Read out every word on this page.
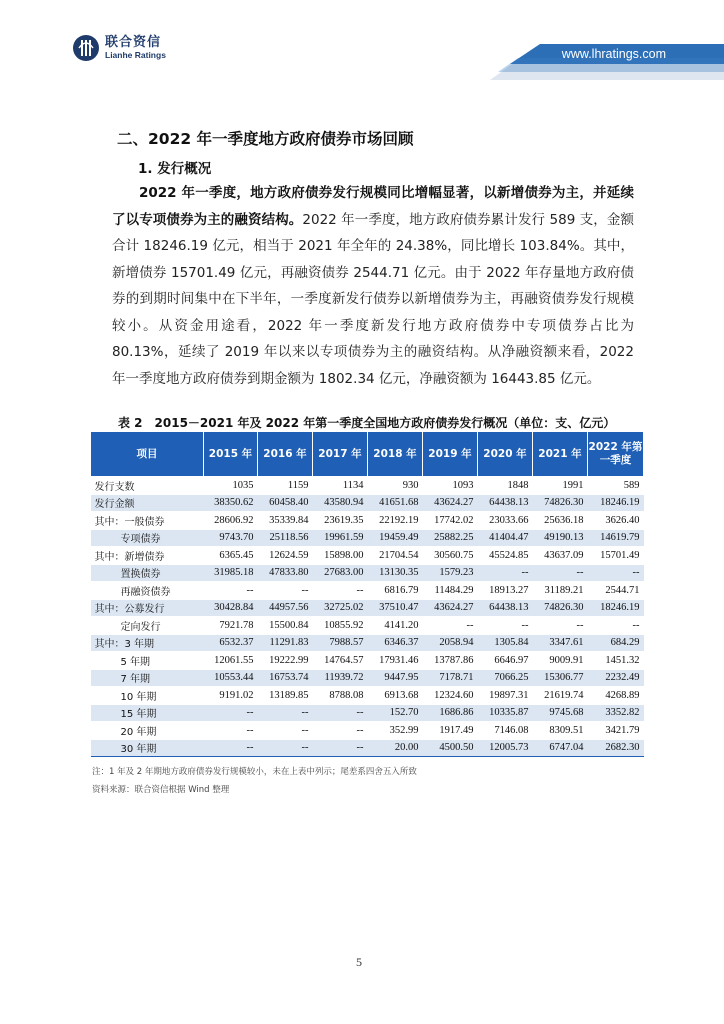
www.lhratings.com
联合资信
Lianhe Ratings
二、2022 年一季度地方政府债券市场回顾
1. 发行概况
2022 年一季度，地方政府债券发行规模同比增幅显著，以新增债券为主，并延续了以专项债券为主的融资结构。2022 年一季度，地方政府债券累计发行 589 支，金额合计 18246.19 亿元，相当于 2021 年全年的 24.38%，同比增长 103.84%。其中，新增债券 15701.49 亿元，再融资债券 2544.71 亿元。由于 2022 年存量地方政府债券的到期时间集中在下半年，一季度新发行债券以新增债券为主，再融资债券发行规模较小。从资金用途看，2022 年一季度新发行地方政府债券中专项债券占比为 80.13%，延续了 2019 年以来以专项债券为主的融资结构。从净融资额来看，2022 年一季度地方政府债券到期金额为 1802.34 亿元，净融资额为 16443.85 亿元。
表 2　2015－2021 年及 2022 年第一季度全国地方政府债券发行概况（单位：支、亿元）
项目	2015 年	2016 年	2017 年	2018 年	2019 年	2020 年	2021 年	2022 年第一季度
发行支数	1035	1159	1134	930	1093	1848	1991	589
发行金额	38350.62	60458.40	43580.94	41651.68	43624.27	64438.13	74826.30	18246.19
其中：一般债券	28606.92	35339.84	23619.35	22192.19	17742.02	23033.66	25636.18	3626.40
专项债券	9743.70	25118.56	19961.59	19459.49	25882.25	41404.47	49190.13	14619.79
其中：新增债券	6365.45	12624.59	15898.00	21704.54	30560.75	45524.85	43637.09	15701.49
置换债券	31985.18	47833.80	27683.00	13130.35	1579.23	--	--	--
再融资债券	--	--	--	6816.79	11484.29	18913.27	31189.21	2544.71
其中：公募发行	30428.84	44957.56	32725.02	37510.47	43624.27	64438.13	74826.30	18246.19
定向发行	7921.78	15500.84	10855.92	4141.20	--	--	--	--
其中：3 年期	6532.37	11291.83	7988.57	6346.37	2058.94	1305.84	3347.61	684.29
5 年期	12061.55	19222.99	14764.57	17931.46	13787.86	6646.97	9009.91	1451.32
7 年期	10553.44	16753.74	11939.72	9447.95	7178.71	7066.25	15306.77	2232.49
10 年期	9191.02	13189.85	8788.08	6913.68	12324.60	19897.31	21619.74	4268.89
15 年期	--	--	--	152.70	1686.86	10335.87	9745.68	3352.82
20 年期	--	--	--	352.99	1917.49	7146.08	8309.51	3421.79
30 年期	--	--	--	20.00	4500.50	12005.73	6747.04	2682.30
注：1 年及 2 年期地方政府债券发行规模较小，未在上表中列示；尾差系四舍五入所致
资料来源：联合资信根据 Wind 整理
5
